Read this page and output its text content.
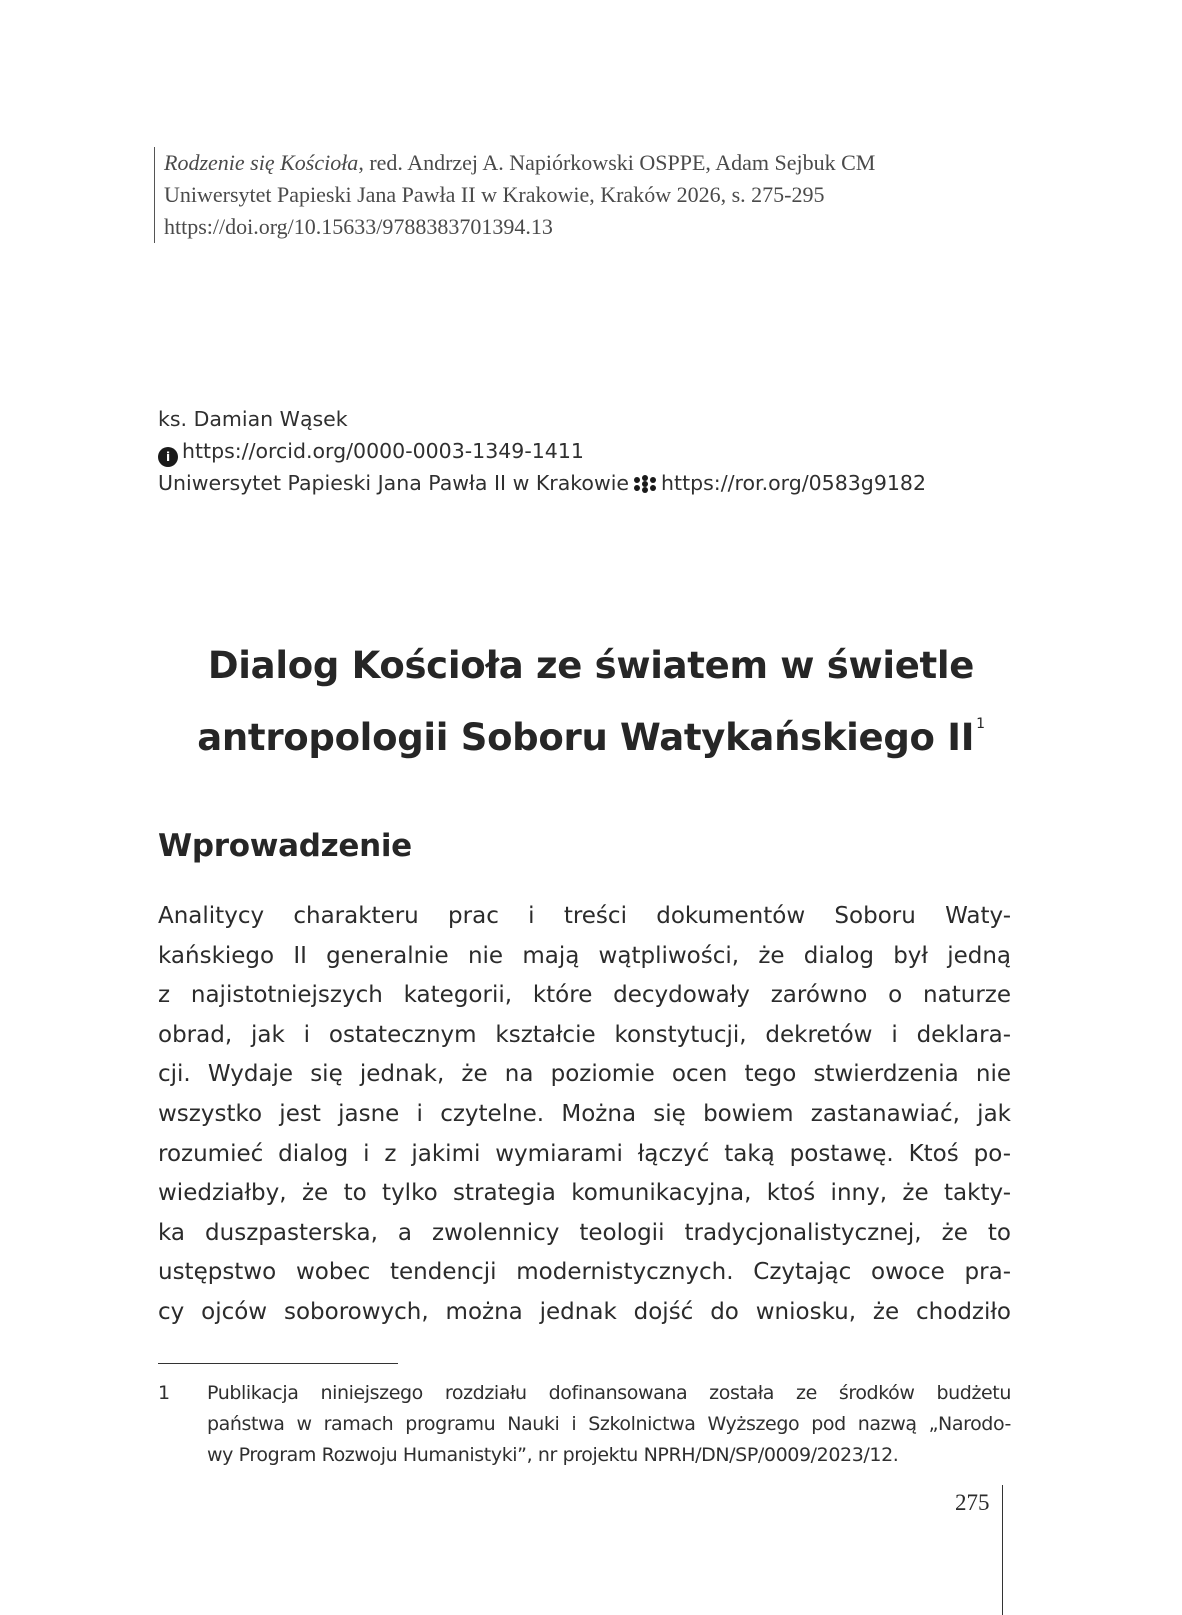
Rodzenie się Kościoła, red. Andrzej A. Napiórkowski OSPPE, Adam Sejbuk CM
Uniwersytet Papieski Jana Pawła II w Krakowie, Kraków 2026, s. 275-295
https://doi.org/10.15633/9788383701394.13
ks. Damian Wąsek
i https://orcid.org/0000-0003-1349-1411
Uniwersytet Papieski Jana Pawła II w Krakowie https://ror.org/0583g9182
Dialog Kościoła ze światem w świetle
antropologii Soboru Watykańskiego II $^1$
Wprowadzenie
Analitycy charakteru prac i treści dokumentów Soboru Waty-
kańskiego II generalnie nie mają wątpliwości, że dialog był jedną
z najistotniejszych kategorii, które decydowały zarówno o naturze
obrad, jak i ostatecznym kształcie konstytucji, dekretów i deklara-
cji. Wydaje się jednak, że na poziomie ocen tego stwierdzenia nie
wszystko jest jasne i czytelne. Można się bowiem zastanawiać, jak
rozumieć dialog i z jakimi wymiarami łączyć taką postawę. Ktoś po-
wiedziałby, że to tylko strategia komunikacyjna, ktoś inny, że takty-
ka duszpasterska, a zwolennicy teologii tradycjonalistycznej, że to
ustępstwo wobec tendencji modernistycznych. Czytając owoce pra-
cy ojców soborowych, można jednak dojść do wniosku, że chodziło
1 Publikacja niniejszego rozdziału dofinansowana została ze środków budżetu
państwa w ramach programu Nauki i Szkolnictwa Wyższego pod nazwą „Narodo-
wy Program Rozwoju Humanistyki”, nr projektu NPRH/DN/SP/0009/2023/12.
275
